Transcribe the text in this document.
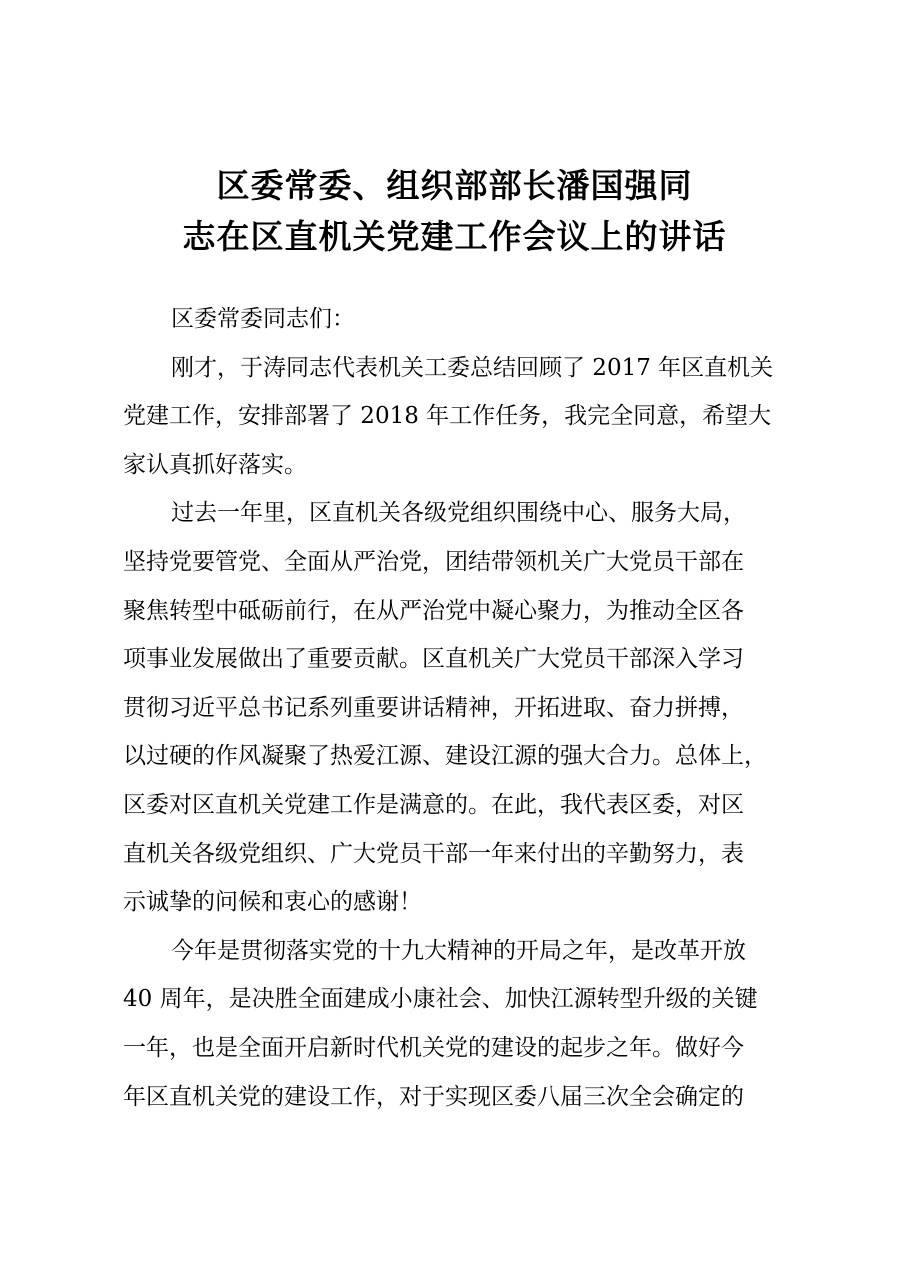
区委常委、组织部部长潘国强同
志在区直机关党建工作会议上的讲话
区委常委同志们：
刚才，于涛同志代表机关工委总结回顾了 2017 年区直机关
党建工作，安排部署了 2018 年工作任务，我完全同意，希望大
家认真抓好落实。
过去一年里，区直机关各级党组织围绕中心、服务大局，
坚持党要管党、全面从严治党，团结带领机关广大党员干部在
聚焦转型中砥砺前行，在从严治党中凝心聚力，为推动全区各
项事业发展做出了重要贡献。区直机关广大党员干部深入学习
贯彻习近平总书记系列重要讲话精神，开拓进取、奋力拼搏，
以过硬的作风凝聚了热爱江源、建设江源的强大合力。总体上，
区委对区直机关党建工作是满意的。在此，我代表区委，对区
直机关各级党组织、广大党员干部一年来付出的辛勤努力，表
示诚挚的问候和衷心的感谢！
今年是贯彻落实党的十九大精神的开局之年，是改革开放
40 周年，是决胜全面建成小康社会、加快江源转型升级的关键
一年，也是全面开启新时代机关党的建设的起步之年。做好今
年区直机关党的建设工作，对于实现区委八届三次全会确定的
